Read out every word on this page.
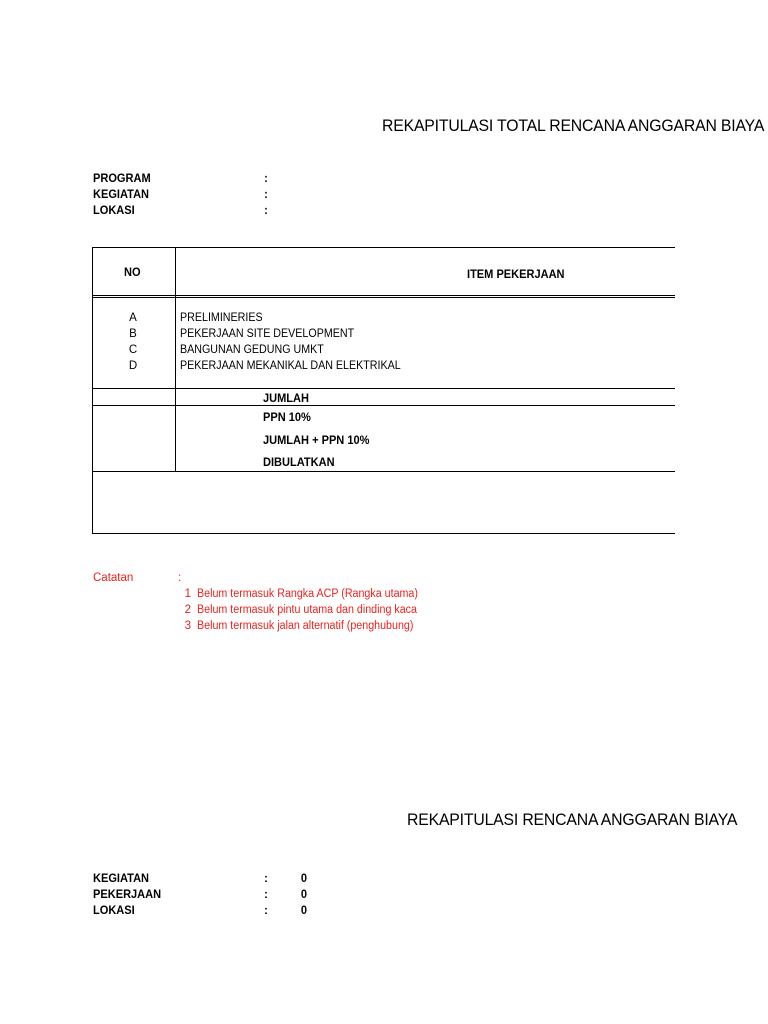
REKAPITULASI TOTAL RENCANA ANGGARAN BIAYA
PROGRAM	:
KEGIATAN	:
LOKASI	:
NO	ITEM PEKERJAAN
A	PRELIMINERIES
B	PEKERJAAN SITE DEVELOPMENT
C	BANGUNAN GEDUNG UMKT
D	PEKERJAAN MEKANIKAL DAN ELEKTRIKAL
JUMLAH
PPN 10%
JUMLAH + PPN 10%
DIBULATKAN
Catatan	:
1 Belum termasuk Rangka ACP (Rangka utama)
2 Belum termasuk pintu utama dan dinding kaca
3 Belum termasuk jalan alternatif (penghubung)
REKAPITULASI RENCANA ANGGARAN BIAYA
KEGIATAN	:	0
PEKERJAAN	:	0
LOKASI	:	0
